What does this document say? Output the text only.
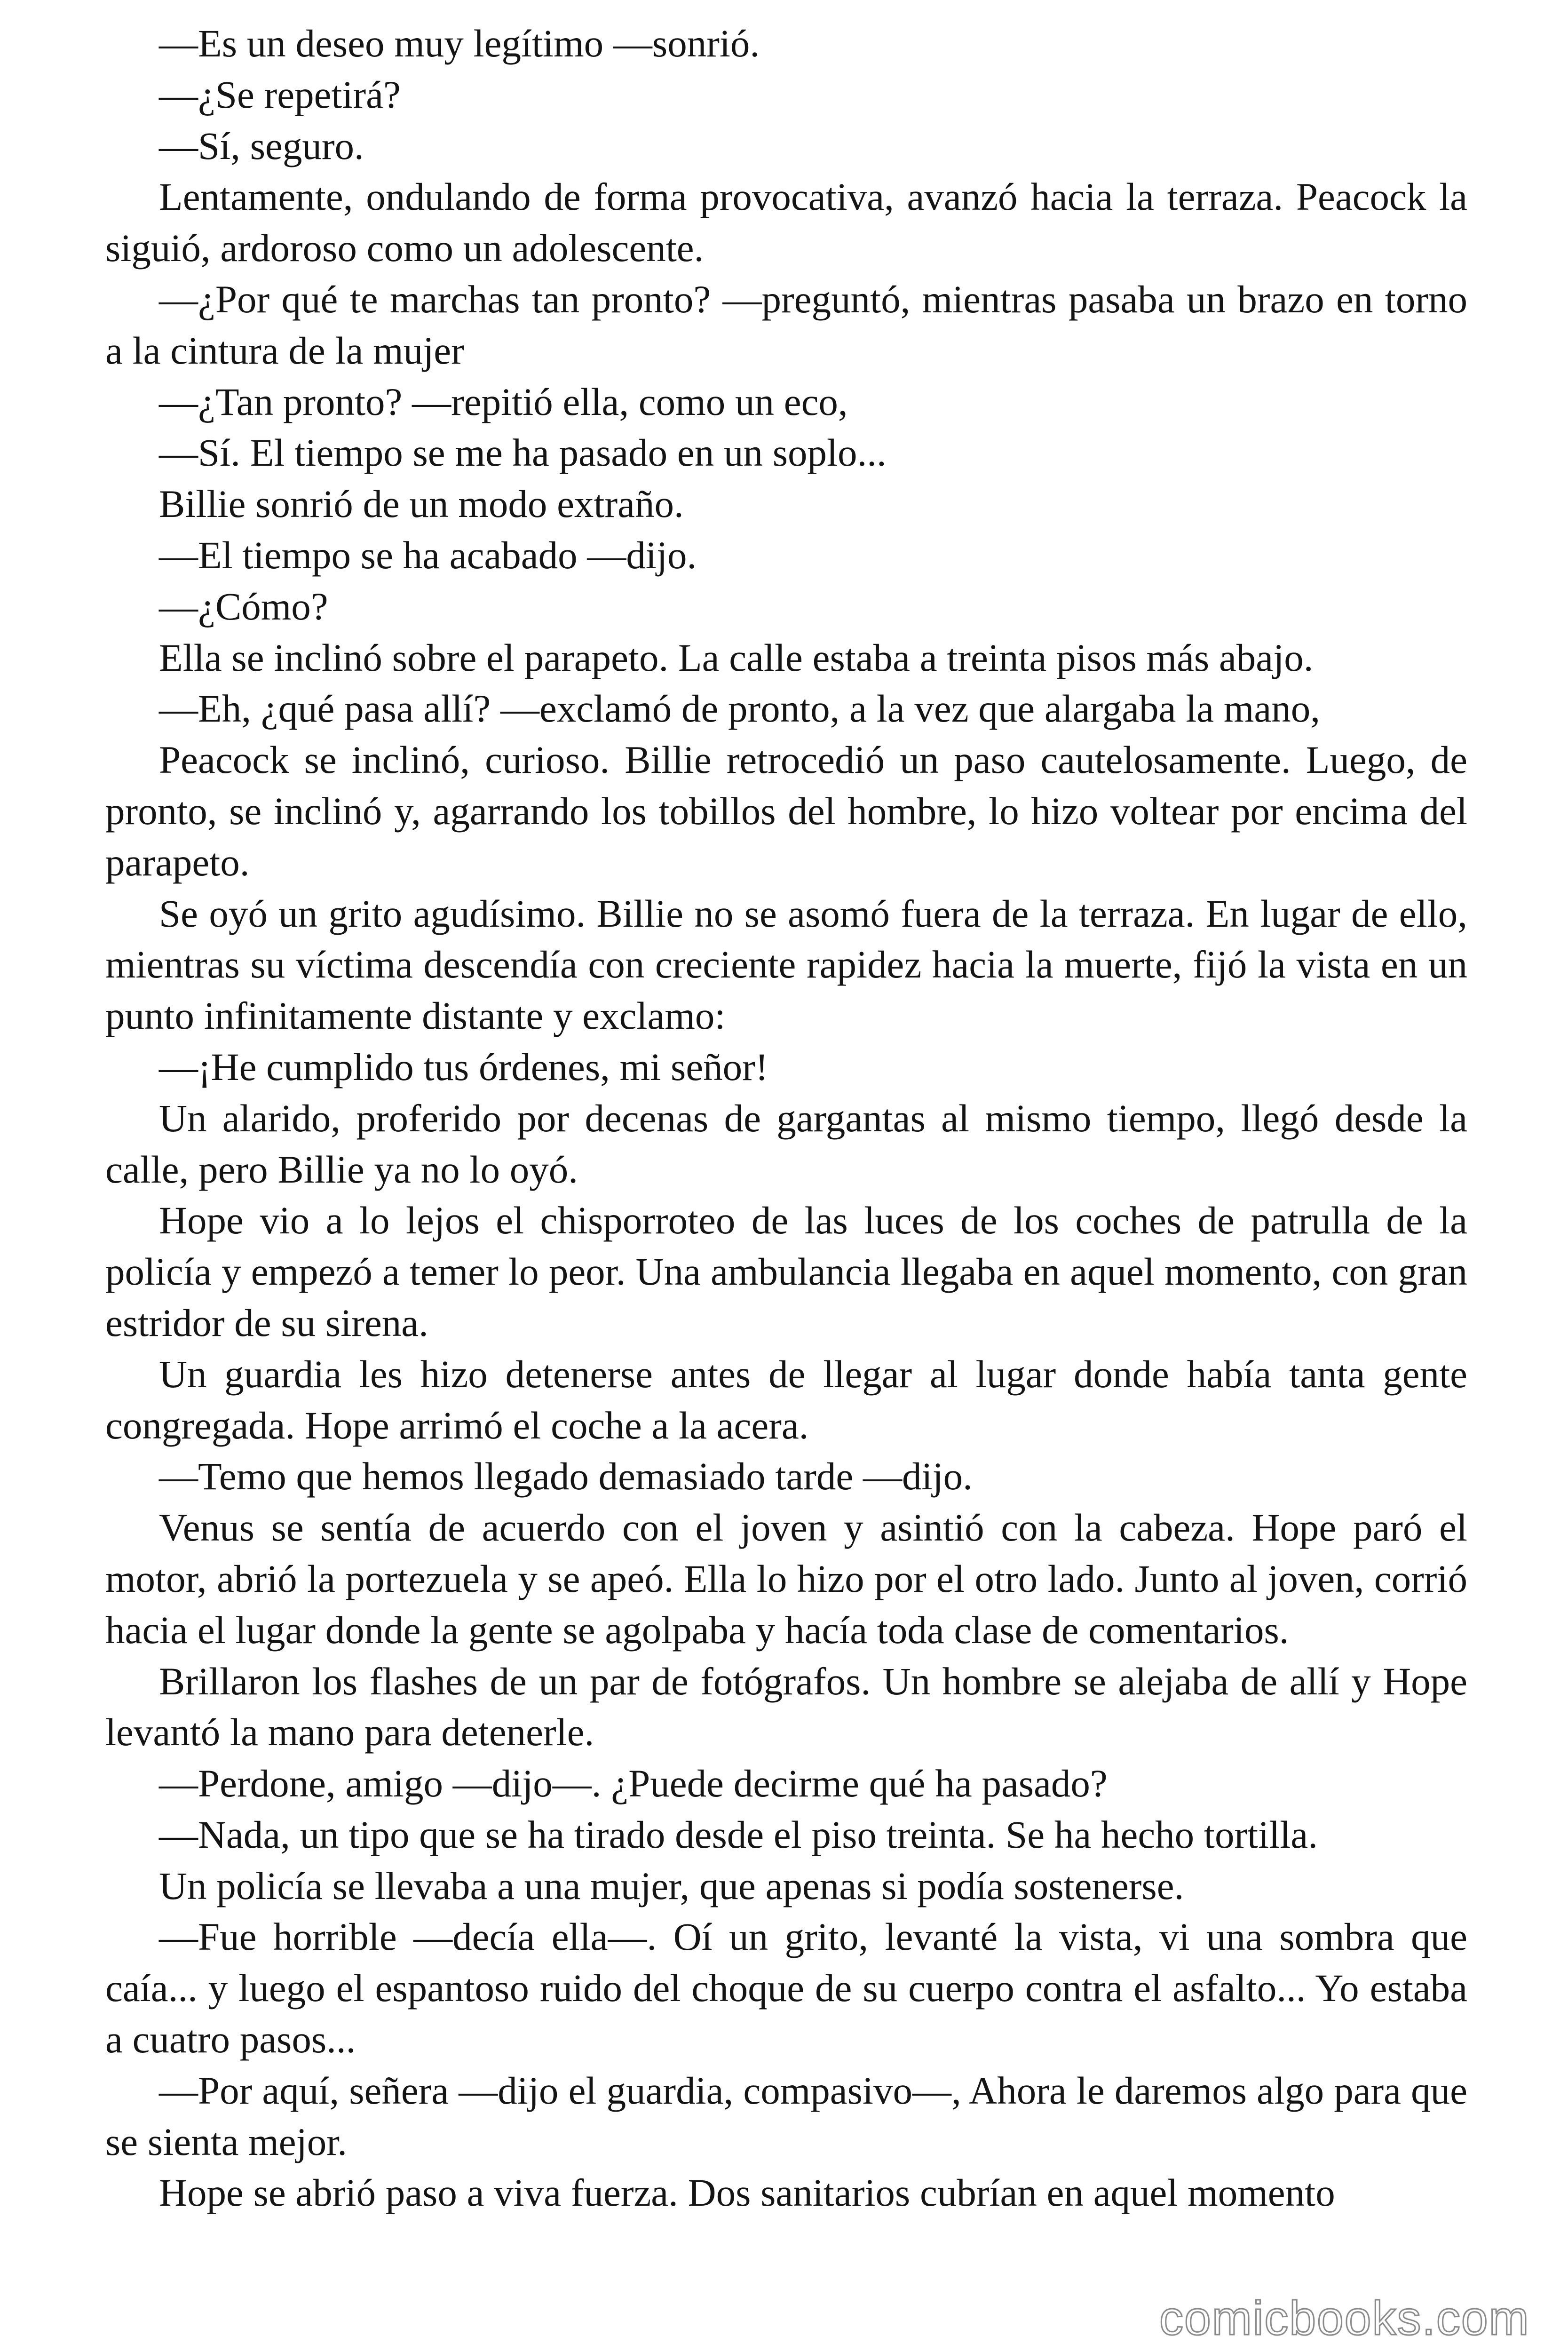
—Es un deseo muy legítimo —sonrió.

—¿Se repetirá?

—Sí, seguro.

Lentamente, ondulando de forma provocativa, avanzó hacia la terraza. Peacock la siguió, ardoroso como un adolescente.

—¿Por qué te marchas tan pronto? —preguntó, mientras pasaba un brazo en torno a la cintura de la mujer

—¿Tan pronto? —repitió ella, como un eco,

—Sí. El tiempo se me ha pasado en un soplo...

Billie sonrió de un modo extraño.

—El tiempo se ha acabado —dijo.

—¿Cómo?

Ella se inclinó sobre el parapeto. La calle estaba a treinta pisos más abajo.

—Eh, ¿qué pasa allí? —exclamó de pronto, a la vez que alargaba la mano,

Peacock se inclinó, curioso. Billie retrocedió un paso cautelosamente. Luego, de pronto, se inclinó y, agarrando los tobillos del hombre, lo hizo voltear por encima del parapeto.

Se oyó un grito agudísimo. Billie no se asomó fuera de la terraza. En lugar de ello, mientras su víctima descendía con creciente rapidez hacia la muerte, fijó la vista en un punto infinitamente distante y exclamo:

—¡He cumplido tus órdenes, mi señor!

Un alarido, proferido por decenas de gargantas al mismo tiempo, llegó desde la calle, pero Billie ya no lo oyó.

Hope vio a lo lejos el chisporroteo de las luces de los coches de patrulla de la policía y empezó a temer lo peor. Una ambulancia llegaba en aquel momento, con gran estridor de su sirena.

Un guardia les hizo detenerse antes de llegar al lugar donde había tanta gente congregada. Hope arrimó el coche a la acera.

—Temo que hemos llegado demasiado tarde —dijo.

Venus se sentía de acuerdo con el joven y asintió con la cabeza. Hope paró el motor, abrió la portezuela y se apeó. Ella lo hizo por el otro lado. Junto al joven, corrió hacia el lugar donde la gente se agolpaba y hacía toda clase de comentarios.

Brillaron los flashes de un par de fotógrafos. Un hombre se alejaba de allí y Hope levantó la mano para detenerle.

—Perdone, amigo —dijo—. ¿Puede decirme qué ha pasado?

—Nada, un tipo que se ha tirado desde el piso treinta. Se ha hecho tortilla.

Un policía se llevaba a una mujer, que apenas si podía sostenerse.

—Fue horrible —decía ella—. Oí un grito, levanté la vista, vi una sombra que caía... y luego el espantoso ruido del choque de su cuerpo contra el asfalto... Yo estaba a cuatro pasos...

—Por aquí, señera —dijo el guardia, compasivo—, Ahora le daremos algo para que se sienta mejor.

Hope se abrió paso a viva fuerza. Dos sanitarios cubrían en aquel momento

comicbooks.com
